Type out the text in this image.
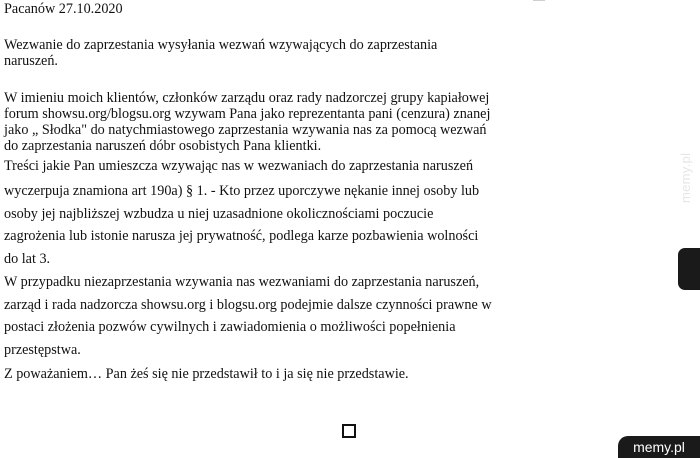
Pacanów 27.10.2020
Wezwanie do zaprzestania wysyłania wezwań wzywających do zaprzestania
naruszeń.
W imieniu moich klientów, członków zarządu oraz rady nadzorczej grupy kapiałowej
forum showsu.org/blogsu.org wzywam Pana jako reprezentanta pani (cenzura) znanej
jako „ Słodka" do natychmiastowego zaprzestania wzywania nas za pomocą wezwań
do zaprzestania naruszeń dóbr osobistych Pana klientki.
Treści jakie Pan umieszcza wzywając nas w wezwaniach do zaprzestania naruszeń
wyczerpuja znamiona art 190a) § 1. - Kto przez uporczywe nękanie innej osoby lub
osoby jej najbliższej wzbudza u niej uzasadnione okolicznościami poczucie
zagrożenia lub istonie narusza jej prywatność, podlega karze pozbawienia wolności
do lat 3.
W przypadku niezaprzestania wzywania nas wezwaniami do zaprzestania naruszeń,
zarząd i rada nadzorcza showsu.org i blogsu.org podejmie dalsze czynności prawne w
postaci złożenia pozwów cywilnych i zawiadomienia o możliwości popełnienia
przestępstwa.
Z poważaniem… Pan żeś się nie przedstawił to i ja się nie przedstawie.
memy.pl
memy.pl
